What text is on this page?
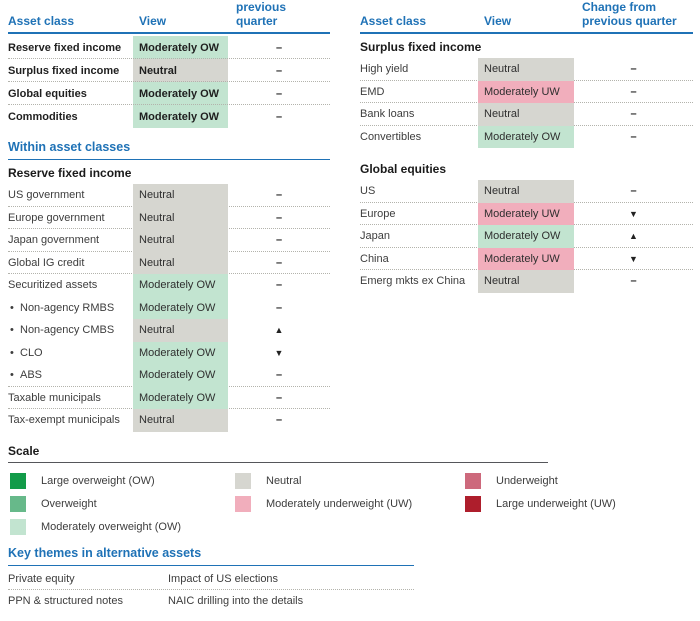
Asset class	View

previous quarter
Reserve fixed income Moderately OW	–
Surplus fixed income Neutral	–
Global equities	Moderately OW	–
Commodities	Moderately OW	–
Within asset classes
Reserve fixed income
US government	Neutral	–
Europe government	Neutral	–
Japan government	Neutral	–
Global IG credit	Neutral	–
Securitized assets	Moderately OW	–
• Non-agency RMBS Moderately OW	–
• Non-agency CMBS Neutral	▲
• CLO	Moderately OW	▼
• ABS	Moderately OW	–
Taxable municipals	Moderately OW	–
Tax-exempt municipals Neutral	–
Asset class	View
Change from
previous quarter
Surplus fixed income
High yield	Neutral	–
EMD	Moderately UW	–
Bank loans	Neutral	–
Convertibles	Moderately OW	–
Global equities
US	Neutral	–
Europe	Moderately UW	▼
Japan	Moderately OW	▲
China	Moderately UW	▼
Emerg mkts ex China Neutral	–
Scale
Large overweight (OW)
Overweight
Moderately overweight (OW)
Neutral
Moderately underweight (UW)
Underweight
Large underweight (UW)
Key themes in alternative assets
Private equity	Impact of US elections
PPN & structured notes	NAIC drilling into the details
